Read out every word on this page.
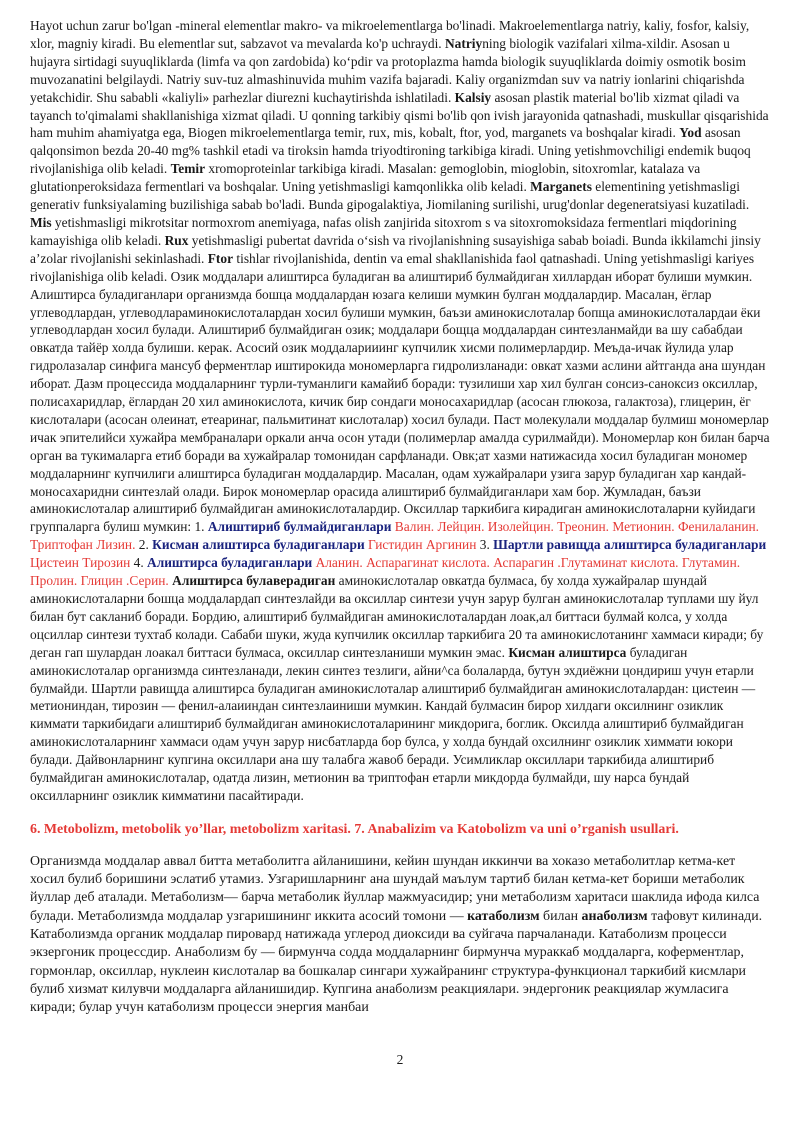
Hayot uchun zarur bo'lgan -mineral elementlar makro- va mikroelementlarga bo'linadi. Makroelementlarga natriy, kaliy, fosfor, kalsiy, xlor, magniy kiradi. Bu elementlar sut, sabzavot va mevalarda ko'p uchraydi. Natriyning biologik vazifalari xilma-xildir. Asosan u hujayra sirtidagi suyuqliklarda (limfa va qon zardobida) ko‘pdir va protoplazma hamda biologik suyuqliklarda doimiy osmotik bosim muvozanatini belgilaydi. Natriy suv-tuz almashinuvida muhim vazifa bajaradi. Kaliy organizmdan suv va natriy ionlarini chiqarishda yetakchidir. Shu sababli «kaliyli» parhezlar diurezni kuchaytirishda ishlatiladi. Kalsiy asosan plastik material bo'lib xizmat qiladi va tayanch to'qimalami shakllanishiga xizmat qiladi. U qonning tarkibiy qismi bo'lib qon ivish jarayonida qatnashadi, muskullar qisqarishida ham muhim ahamiyatga ega, Biogen mikroelementlarga temir, rux, mis, kobalt, ftor, yod, marganets va boshqalar kiradi. Yod asosan qalqonsimon bezda 20-40 mg% tashkil etadi va tiroksin hamda triyodtironing tarkibiga kiradi. Uning yetishmovchiligi endemik buqoq rivojlanishiga olib keladi. Temir xromoproteinlar tarkibiga kiradi. Masalan: gemoglobin, mioglobin, sitoxromlar, katalaza va glutationperoksidaza fermentlari va boshqalar. Uning yetishmasligi kamqonlikka olib keladi. Marganets elementining yetishmasligi generativ funksiyalaming buzilishiga sabab bo'ladi. Bunda gipogalaktiya, Jiomilaning surilishi, urug'donlar degeneratsiyasi kuzatiladi. Mis yetishmasligi mikrotsitar normoxrom anemiyaga, nafas olish zanjirida sitoxrom s va sitoxromoksidaza fermentlari miqdorining kamayishiga olib keladi. Rux yetishmasligi pubertat davrida o‘sish va rivojlanishning susayishiga sabab boiadi. Bunda ikkilamchi jinsiy a’zolar rivojlanishi sekinlashadi. Ftor tishlar rivojlanishida, dentin va emal shakllanishida faol qatnashadi. Uning yetishmasligi kariyes rivojlanishiga olib keladi. Озик моддалари алиштирса буладиган ва алиштириб булмайдиган хиллардан иборат булиши мумкин. Алиштирса буладиганлари организмда бошца моддалардан юзага келиши мумкин булган моддалардир. Масалан, ёглар углеводлардан, углеводларамин​окислоталардан хосил булиши мумкин, баъзи аминокислоталар бопща аминокислоталардаи ёки углеводлардан хосил булади. Алиштириб булмайдиган озик; моддалари бощца моддалардан синтезланмайди ва шу сабабдаи овкатда тайёр холда булиши. керак. Асосий озик моддаларииинг купчилик хисми полимерлардир. Меъда-ичак йулида улар гидролазалар синфига мансуб ферментлар иштирокида мономерларга гидролизланади: овкат хазми аслини айтганда ана шундан иборат. Дазм процессида моддаларнинг турли-туманлиги камайиб боради: тузилиши хар хил булган сонсиз-саноксиз оксиллар, полисахаридлар, ёглардан 20 хил аминокислота, кичик бир сондаги моносахаридлар (асосан глюкоза, галактоза), глицерин, ёг кислоталари (асосан олеинат, етеаринаг, пальмитинат кислоталар) хосил булади. Паст молекулали моддалар булмиш мономерлар ичак эпителийси хужайра мембраналари оркали анча осон утади (полимерлар амалда сурилмайди). Мономерлар кон билан барча орган ва тукималарга етиб боради ва хужайралар томонидан сарфланади. Овк;ат хазми натижасида хосил буладиган мономер моддаларнинг купчилиги алиштирса буладиган моддалардир. Масалан, одам хужайралари узига зарур буладиган хар кандай-моносахаридни синтезлай олади. Бирок мономерлар орасида алиштириб булмайдиганлари хам бор. Жумладан, баъзи аминокислоталар алиштириб булмайдиган аминокислоталардир. Оксиллар таркибига кирадиган аминокислоталарни куйидаги группаларга булиш мумкин: 1. Алиштириб булмайдиганлари Валин. Лейцин. Изолейцин. Треонин. Метионин. Фенилаланин. Триптофан Лизин. 2. Кисман алиштирса буладиганлари Гистидин Аргинин 3. Шартли равищда алиштирса буладиганлари Цистеин Тирозин 4. Алиштирса буладиганлари Аланин. Аспарагинат кислота. Аспарагин .Глутаминат кислота. Глутамин. Пролин. Глицин .Серин. Алиштирса булавeрадиган аминокислоталар овкатда булмаса, бу холда хужайралар шундай аминокислоталарни бошца моддалардап синтезлайди ва оксиллар синтези учун зарур булган аминокислоталар туплами шу йул билан бут сакланиб боради. Бордию, алиштириб булмайдиган аминокислоталардан лоак,ал биттаси булмай колса, у холда оцсиллар синтези тухтаб колади. Сабаби шуки, жуда купчилик оксиллар таркибига 20 та аминокислотанинг хаммаси киради; бу деган гап шулардан лоакал биттаси булмаса, оксиллар синтезланиши мумкин эмас. Кисман алиштирса буладиган аминокислоталар организмда синтезланади, лекин синтез тезлиги, айни^са болаларда, бутун эхдиёжни цондириш учун етарли булмайди. Шартли равищда алиштирса буладиган аминокислоталар алиштириб булмайдиган аминокислоталардан: цистеин — метиониндан, тирозин — фенил-алаииндан синтезлаиниши мумкин. Кандай булмасин бирор хилдаги оксилнинг озиклик киммати таркибидаги алиштириб булмайдиган аминокислоталарининг микдорига, боглик. Оксилда алиштириб булмайдиган аминокислоталарнинг хаммаси одам учун зарур нисбатларда бор булса, у холда бундай охсилнинг озиклик химмати юкори булади. Дайвонларнинг купгина оксиллари ана шу талабга жавоб беради. Усимликлар оксиллари таркибида алиштириб булмайдиган аминокислоталар, одатда лизин, метионин ва триптофан етарли микдорда булмайди, шу нарса бундай оксилларнинг озиклик кимматини пасайтиради.

6. Metobolizm, metobolik yo’llar, metobolizm xaritasi. 7. Anabalizim va Katobolizm va uni o’rganish usullari.

Организмда моддалар аввал битта метаболитга айланишини, кейин шундан иккинчи ва хоказо метаболитлар кетма-кет хосил булиб боришини эслатиб утамиз. Узгаришларнинг ана шундай маълум тартиб билан кетма-кет бориши метаболик йуллар деб аталади. Метаболизм— барча метаболик йуллар мажмуасидир; уни метаболизм харитаси шаклида ифода килса булади. Метаболизмда моддалар узгаришининг иккита асосий томони — катаболизм билан анаболизм тафовут килинади. Катаболизмда органик моддалар пировард натижада углерод диоксиди ва суйгача парчаланади. Катаболизм процесси экзергоник процессдир. Анаболизм бу — бирмунча содда моддаларнинг бирмунча мураккаб моддаларга, коферментлар, гормонлар, оксиллар, нуклеин кислоталар ва бошкалар сингари хужайранинг структура-функционал таркибий кисмлари булиб хизмат килувчи моддаларга айланишидир. Купгина анаболизм реакциялари. эндергоник реакциялар жумласига киради; булар учун катаболизм процесси энергия манбаи

2
